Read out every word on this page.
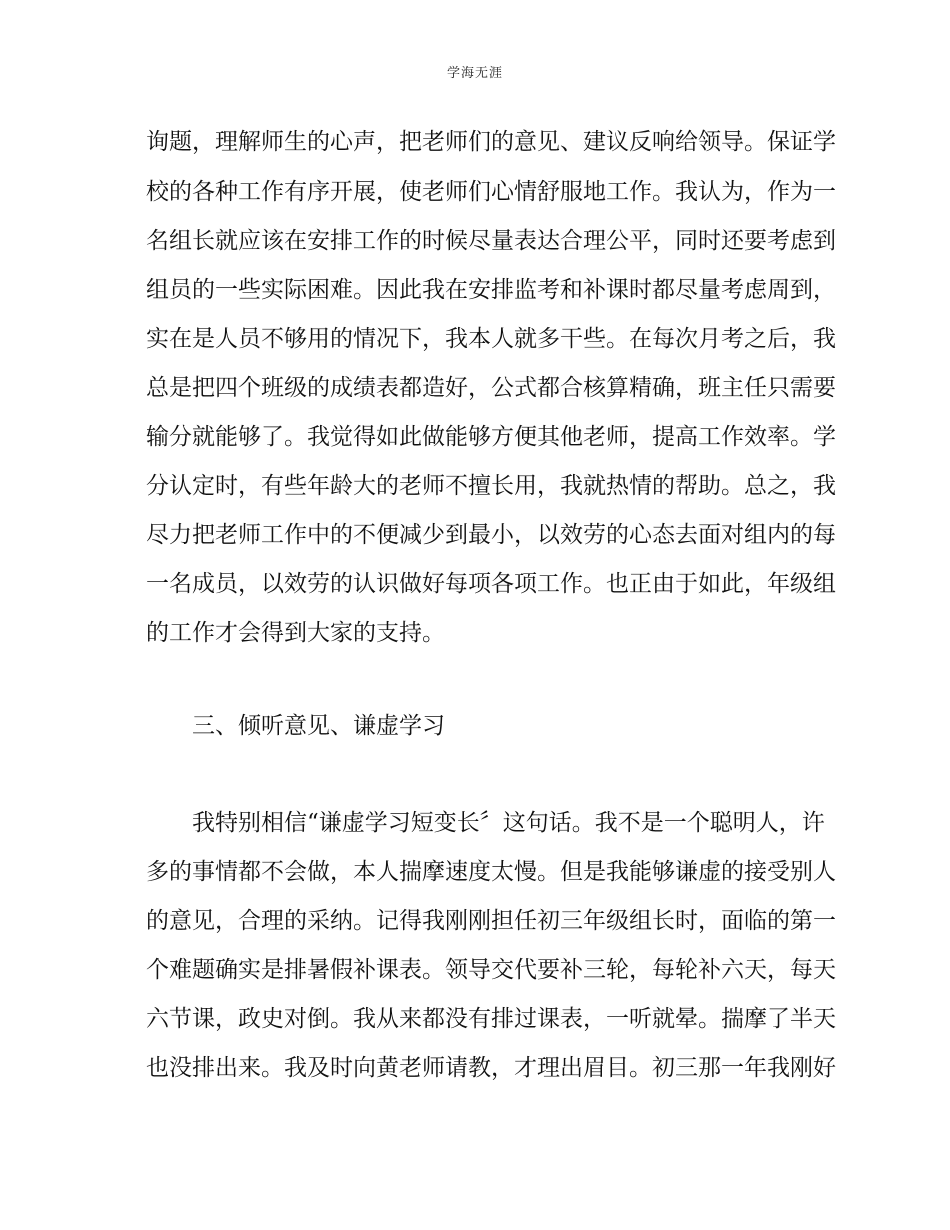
学海无涯
询题，理解师生的心声，把老师们的意见、建议反响给领导。保证学
校的各种工作有序开展，使老师们心情舒服地工作。我认为，作为一
名组长就应该在安排工作的时候尽量表达合理公平，同时还要考虑到
组员的一些实际困难。因此我在安排监考和补课时都尽量考虑周到，
实在是人员不够用的情况下，我本人就多干些。在每次月考之后，我
总是把四个班级的成绩表都造好，公式都合核算精确，班主任只需要
输分就能够了。我觉得如此做能够方便其他老师，提高工作效率。学
分认定时，有些年龄大的老师不擅长用，我就热情的帮助。总之，我
尽力把老师工作中的不便减少到最小，以效劳的心态去面对组内的每
一名成员，以效劳的认识做好每项各项工作。也正由于如此，年级组
的工作才会得到大家的支持。
三、倾听意见、谦虚学习
我特别相信“谦虚学习短变长〞这句话。我不是一个聪明人，许
多的事情都不会做，本人揣摩速度太慢。但是我能够谦虚的接受别人
的意见，合理的采纳。记得我刚刚担任初三年级组长时，面临的第一
个难题确实是排暑假补课表。领导交代要补三轮，每轮补六天，每天
六节课，政史对倒。我从来都没有排过课表，一听就晕。揣摩了半天
也没排出来。我及时向黄老师请教，才理出眉目。初三那一年我刚好
